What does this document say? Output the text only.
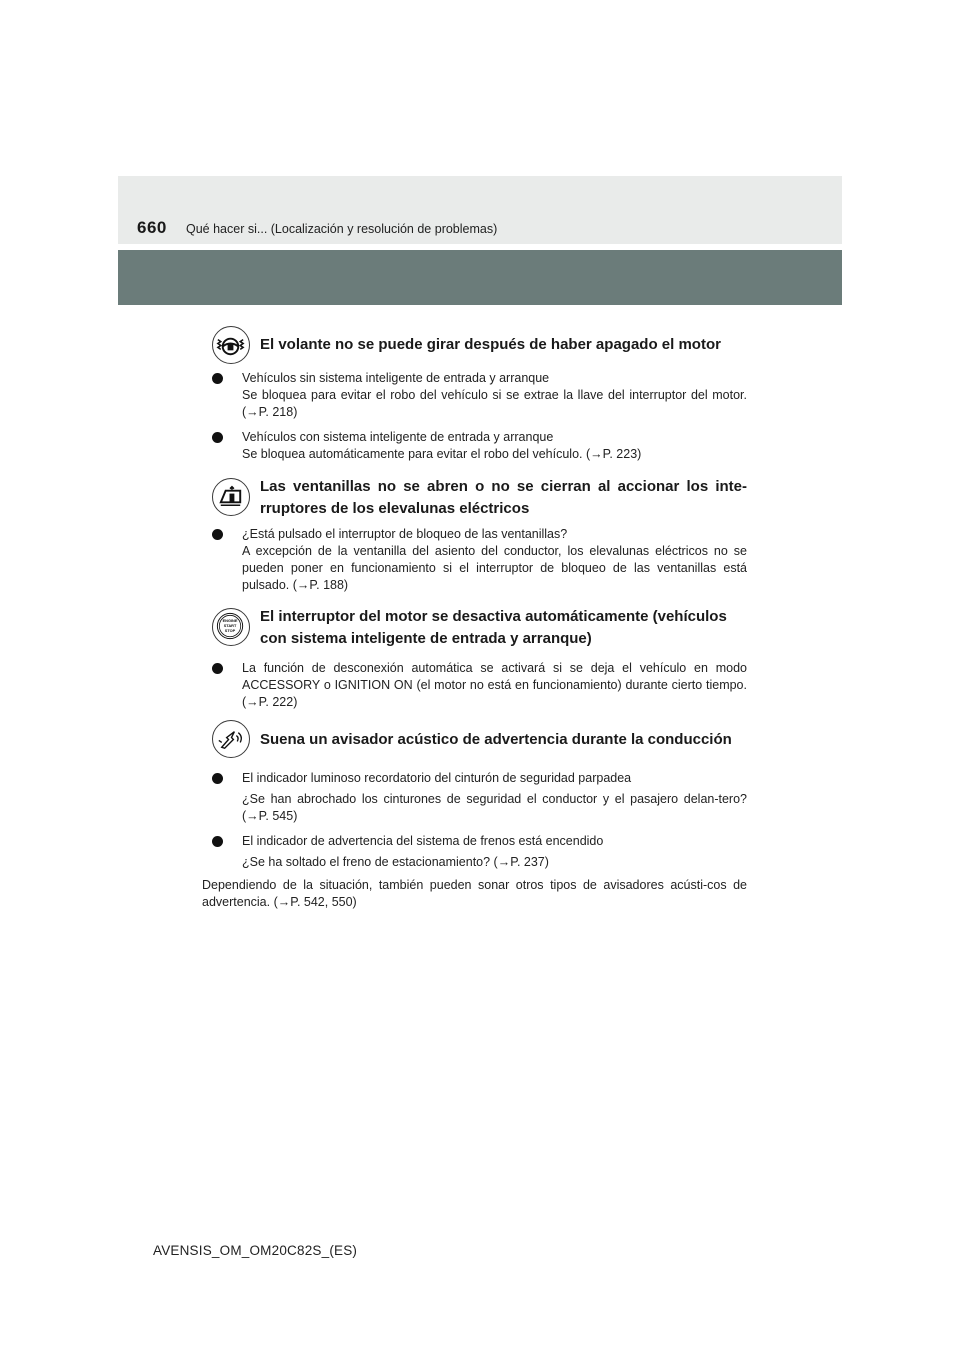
660 Qué hacer si... (Localización y resolución de problemas)
El volante no se puede girar después de haber apagado el motor
Vehículos sin sistema inteligente de entrada y arranque
Se bloquea para evitar el robo del vehículo si se extrae la llave del interruptor del motor. (→P. 218)
Vehículos con sistema inteligente de entrada y arranque
Se bloquea automáticamente para evitar el robo del vehículo. (→P. 223)
Las ventanillas no se abren o no se cierran al accionar los inte-rruptores de los elevalunas eléctricos
¿Está pulsado el interruptor de bloqueo de las ventanillas?
A excepción de la ventanilla del asiento del conductor, los elevalunas eléctricos no se pueden poner en funcionamiento si el interruptor de bloqueo de las ventanillas está pulsado. (→P. 188)
ENGINE
START
STOP
El interruptor del motor se desactiva automáticamente (vehículos con sistema inteligente de entrada y arranque)
La función de desconexión automática se activará si se deja el vehículo en modo ACCESSORY o IGNITION ON (el motor no está en funcionamiento) durante cierto tiempo. (→P. 222)
Suena un avisador acústico de advertencia durante la conducción
El indicador luminoso recordatorio del cinturón de seguridad parpadea
¿Se han abrochado los cinturones de seguridad el conductor y el pasajero delan-tero? (→P. 545)
El indicador de advertencia del sistema de frenos está encendido
¿Se ha soltado el freno de estacionamiento? (→P. 237)
Dependiendo de la situación, también pueden sonar otros tipos de avisadores acústi-cos de advertencia. (→P. 542, 550)
AVENSIS_OM_OM20C82S_(ES)
